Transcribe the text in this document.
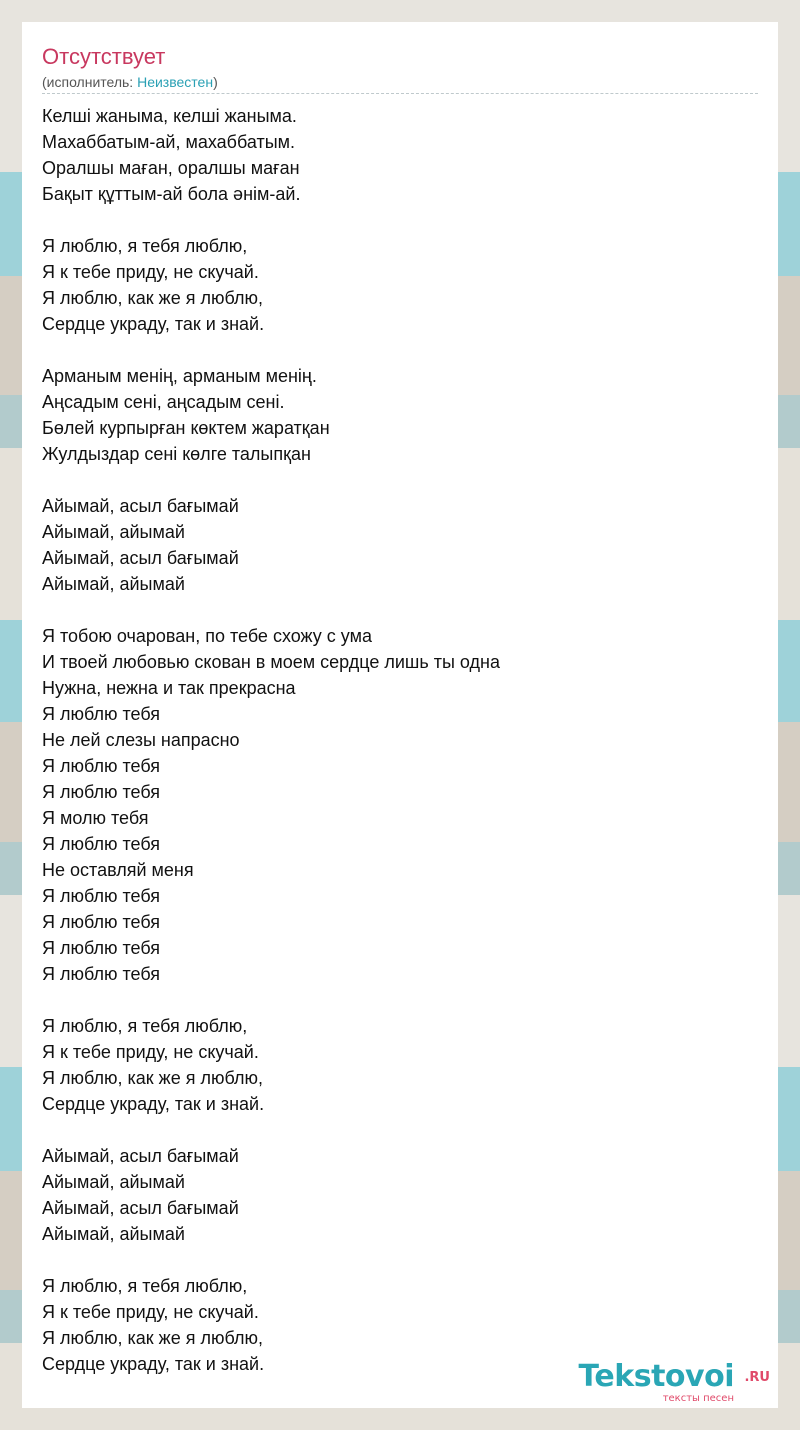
Отсутствует
(исполнитель: Неизвестен)
Келші жаныма, келші жаныма.
Махаббатым-ай, махаббатым.
Оралшы маған, оралшы маған
Бақыт құттым-ай бола әнім-ай.
Я люблю, я тебя люблю,
Я к тебе приду, не скучай.
Я люблю, как же я люблю,
Сердце украду, так и знай.
Арманым менің, арманым менің.
Аңсадым сені, аңсадым сені.
Бөлей курпырған көктем жаратқан
Жулдыздар сені көлге талыпқан
Айымай, асыл бағымай
Айымай, айымай
Айымай, асыл бағымай
Айымай, айымай
Я тобою очарован, по тебе схожу с ума
И твоей любовью скован в моем сердце лишь ты одна
Нужна, нежна и так прекрасна
Я люблю тебя
Не лей слезы напрасно
Я люблю тебя
Я люблю тебя
Я молю тебя
Я люблю тебя
Не оставляй меня
Я люблю тебя
Я люблю тебя
Я люблю тебя
Я люблю тебя
Я люблю, я тебя люблю,
Я к тебе приду, не скучай.
Я люблю, как же я люблю,
Сердце украду, так и знай.
Айымай, асыл бағымай
Айымай, айымай
Айымай, асыл бағымай
Айымай, айымай
Я люблю, я тебя люблю,
Я к тебе приду, не скучай.
Я люблю, как же я люблю,
Сердце украду, так и знай.	Tekstovoi .RU
тексты песен
